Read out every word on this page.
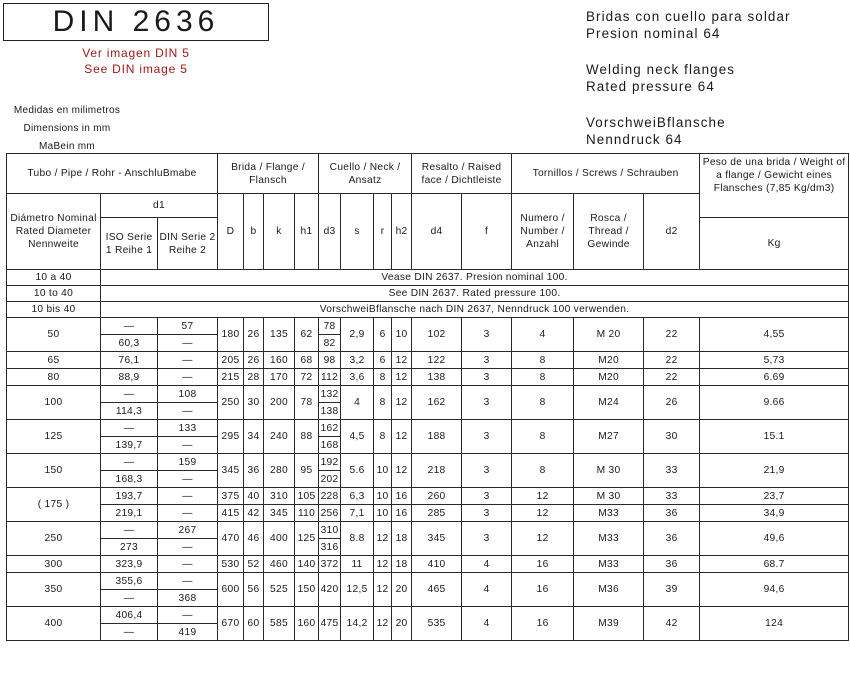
DIN 2636
Ver imagen DIN 5
See DIN image 5
Medidas en milimetros
Dimensions in mm
MaBein mm
Bridas con cuello para soldar
Presion nominal 64
Welding neck flanges
Rated pressure 64
VorschweiBflansche
Nenndruck 64
Tubo / Pipe / Rohr - AnschluBmabe			Brida / Flange / Flansch				Cuello / Neck / Ansatz				Resalto / Raised face / Dichtleiste		Tornillos / Screws / Schrauben			Peso de una brida / Weight of a flange / Gewicht eines Flansches (7,85 Kg/dm3)
Diámetro Nominal Rated Diameter Nennweite	d1		D	b	k	h1	d3	s	r	h2	d4	f	Numero / Number / Anzahl	Rosca / Thread / Gewinde	d2	
	ISO Serie 1 Reihe 1	DIN Serie 2 Reihe 2														Kg
10 a 40	Vease DIN 2637. Presion nominal 100.															
10 to 40	See DIN 2637. Rated pressure 100.															
10 bis 40	VorschweiBflansche nach DIN 2637, Nenndruck 100 verwenden.															
50	—	57	180	26	135	62	78	2,9	6	10	102	3	4	M 20	22	4,55
	60,3	—					82									
65	76,1	—	205	26	160	68	98	3,2	6	12	122	3	8	M20	22	5,73
80	88,9	—	215	28	170	72	112	3,6	8	12	138	3	8	M20	22	6.69
100	—	108	250	30	200	78	132	4	8	12	162	3	8	M24	26	9.66
	114,3	—					138									
125	—	133	295	34	240	88	162	4,5	8	12	188	3	8	M27	30	15.1
	139,7	—					168									
150	—	159	345	36	280	95	192	5.6	10	12	218	3	8	M 30	33	21,9
	168,3	—					202									
( 175 )	193,7	—	375	40	310	105	228	6,3	10	16	260	3	12	M 30	33	23,7
	219,1	—	415	42	345	110	256	7,1	10	16	285	3	12	M33	36	34,9
250	—	267	470	46	400	125	310	8.8	12	18	345	3	12	M33	36	49,6
	273	—					316									
300	323,9	—	530	52	460	140	372	11	12	18	410	4	16	M33	36	68.7
350	355,6	—	600	56	525	150	420	12,5	12	20	465	4	16	M36	39	94,6
	—	368														
400	406,4	—	670	60	585	160	475	14,2	12	20	535	4	16	M39	42	124
	—	419														
